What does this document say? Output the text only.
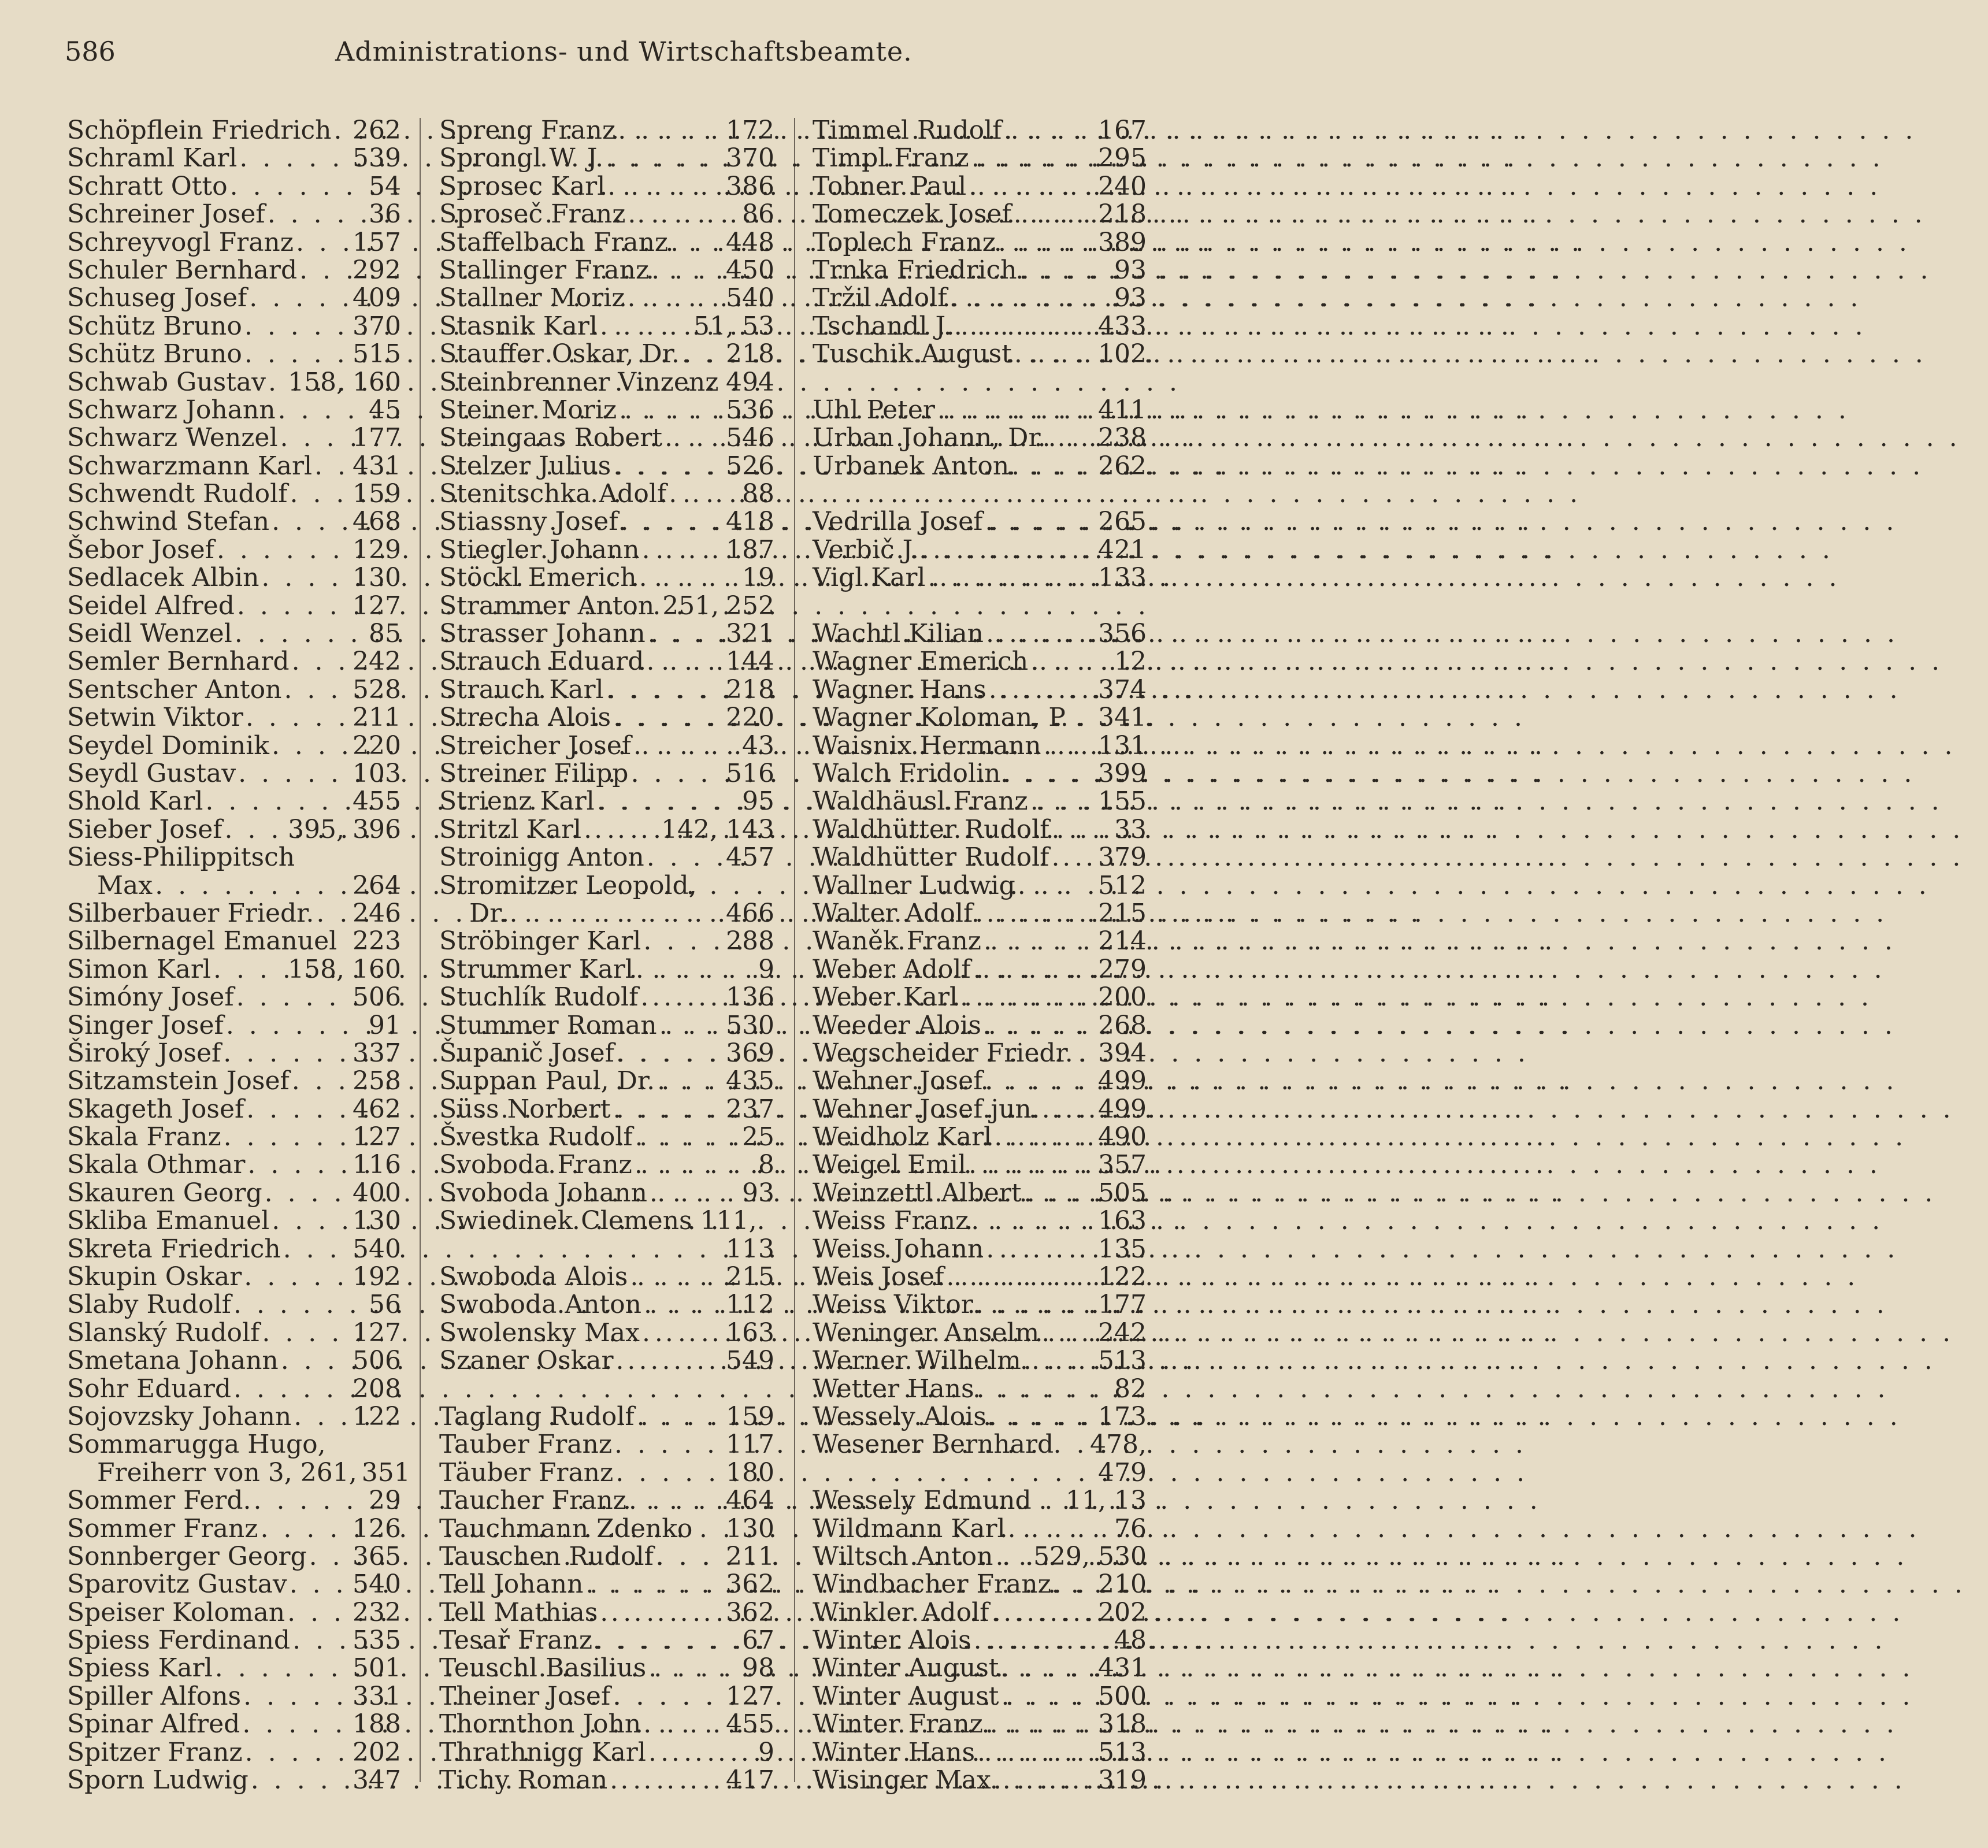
586	Administrations- und Wirtschaftsbeamte.
Schöpflein Friedrich . . . 262
Schraml Karl . . .	539
Schratt Otto . . .	54
Schreiner Josef . . .	36
Schreyvogl Franz . . . 157
Schuler Bernhard . . . 292
Schuseg Josef . . .	409
Schütz Bruno . . .	370
Schütz Bruno . . .	515
Schwab Gustav . . . 158, 160
Schwarz Johann . . .	45
Schwarz Wenzel . . .	177
Schwarzmann Karl . . . 431
Schwendt Rudolf . . .	159
Schwind Stefan . . .	468
Šebor Josef . . .	129
Sedlacek Albin . . .	130
Seidel Alfred . . .	127
Seidl Wenzel . . .	85
Semler Bernhard . . . 242
Sentscher Anton . . .	528
Setwin Viktor . . .	211
Seydel Dominik . . .	220
Seydl Gustav . . .	103
Shold Karl . . .	455
Sieber Josef . . .	395, 396
Siess-Philippitsch
Max . . .	264
Silberbauer Friedr. . . . 246
Silbernagel Emanuel 223
Simon Karl . . .	158, 160
Simóny Josef . . .	506
Singer Josef . . .	91
Široký Josef . . .	337
Sitzamstein Josef . . . 258
Skageth Josef . . .	462
Skala Franz . . .	127
Skala Othmar . . .	116
Skauren Georg . . .	400
Skliba Emanuel . . .	130
Skreta Friedrich . . .	540
Skupin Oskar . . .	192
Slaby Rudolf . . .	56
Slanský Rudolf . . .	127
Smetana Johann . . .	506
Sohr Eduard . . .	208
Sojovzsky Johann . . . 122
Sommarugga Hugo,
Freiherr von 3, 261, 351
Sommer Ferd. . . .	29
Sommer Franz . . .	126
Sonnberger Georg . . . 365
Sparovitz Gustav . . .	540
Speiser Koloman . . .	232
Spiess Ferdinand . . . 535
Spiess Karl . . .	501
Spiller Alfons . . .	331
Spinar Alfred . . .	188
Spitzer Franz . . .	202
Sporn Ludwig . . .	347
Spreng Franz . . .	172
Sprongl W. J. . . .	370
Sprosec Karl . . .	386
Sprosеč Franz . . .	86
Staffelbach Franz . . . 448
Stallinger Franz . . .	450
Stallner Moriz . . .	540
Stasnik Karl . . .	51, 53
Stauffer Oskar, Dr. . . . 218
Steinbrenner Vinzenz 494
Steiner Moriz . . .	536
Steingaas Robert . . .	546
Stelzer Julius . . .	526
Stenitschka Adolf . . .	88
Stiassny Josef . . .	418
Stiegler Johann . . .	187
Stöckl Emerich . . .	19
Strammer Anton 251, 252
Strasser Johann . . .	321
Strauch Eduard . . .	144
Strauch Karl . . .	218
Strecha Alois . . .	220
Streicher Josef . . .	43
Streiner Filipp . . .	516
Strienz Karl . . .	95
Stritzl Karl . . .	142, 143
Stroinigg Anton . . .	457
Stromitzer Leopold,
Dr. . . .	466
Ströbinger Karl . . .	288
Strummer Karl . . .	9
Stuchlík Rudolf . . .	136
Stummer Roman . . .	530
Šupanič Josef . . .	369
Suppan Paul, Dr. . . .	435
Süss Norbert . . .	237
Švestka Rudolf . . .	25
Svoboda Franz . . .	8
Svoboda Johann . . .	93
Swiedinek Clemens 111,
113
Swoboda Alois . . .	215
Swoboda Anton . . .	112
Swolensky Max . . .	163
Szaner Oskar . . .	549
Taglang Rudolf . . .	159
Tauber Franz . . .	117
Täuber Franz . . .	180
Taucher Franz . . .	464
Tauchmann Zdenko 130
Tauschen Rudolf . . .	211
Tell Johann . . .	362
Tell Mathias . . .	362
Tesař Franz . . .	67
Teuschl Basilius . . .	98
Theiner Josef . . .	127
Thornthon John . . .	455
Thrathnigg Karl . . .	9
Tichy Roman . . .	417
Timmel Rudolf . . .	167
Timpl Franz . . .	295
Tobner Paul . . .	240
Tomeczek Josef . . .	218
Toplech Franz . . .	389
Trnka Friedrich . . .	93
Tržil Adolf . . .	93
Tschandl J. . . .	433
Tuschik August . . .	102
Uhl Peter . . .	411
Urban Johann, Dr. . . . 238
Urbanek Anton . . .	262
Vedrilla Josef . . .	265
Verbič J. . . .	421
Vigl Karl . . .	133
Wachtl Kilian . . .	356
Wagner Emerich . . .	12
Wagner Hans . . .	374
Wagner Koloman, P. 341
Waisnix Hermann . . . 131
Walch Fridolin . . .	399
Waldhäusl Franz . . .	155
Waldhütter Rudolf . . .	33
Waldhütter Rudolf . . . 379
Wallner Ludwig . . .	512
Walter Adolf . . .	215
Waněk Franz . . .	214
Weber Adolf . . .	279
Weber Karl . . .	200
Weeder Alois . . .	268
Wegscheider Friedr. 394
Wehner Josef . . .	499
Wehner Josef jun. . . . 499
Weidholz Karl . . .	490
Weigel Emil . . .	357
Weinzettl Albert . . .	505
Weiss Franz . . .	163
Weiss Johann . . .	135
Weis Josef . . .	122
Weiss Viktor . . .	177
Weninger Anselm . . . 242
Werner Wilhelm . . .	513
Wetter Hans . . .	82
Wessely Alois . . .	173
Wesener Bernhard 478,
479
Wessely Edmund 11, 13
Wildmann Karl . . .	76
Wiltsch Anton . . . 529, 530
Windbacher Franz . . . 210
Winkler Adolf . . .	202
Winter Alois . . .	48
Winter August . . .	431
Winter August . . .	500
Winter Franz . . .	318
Winter Hans . . .	513
Wisinger Max . . .	319
